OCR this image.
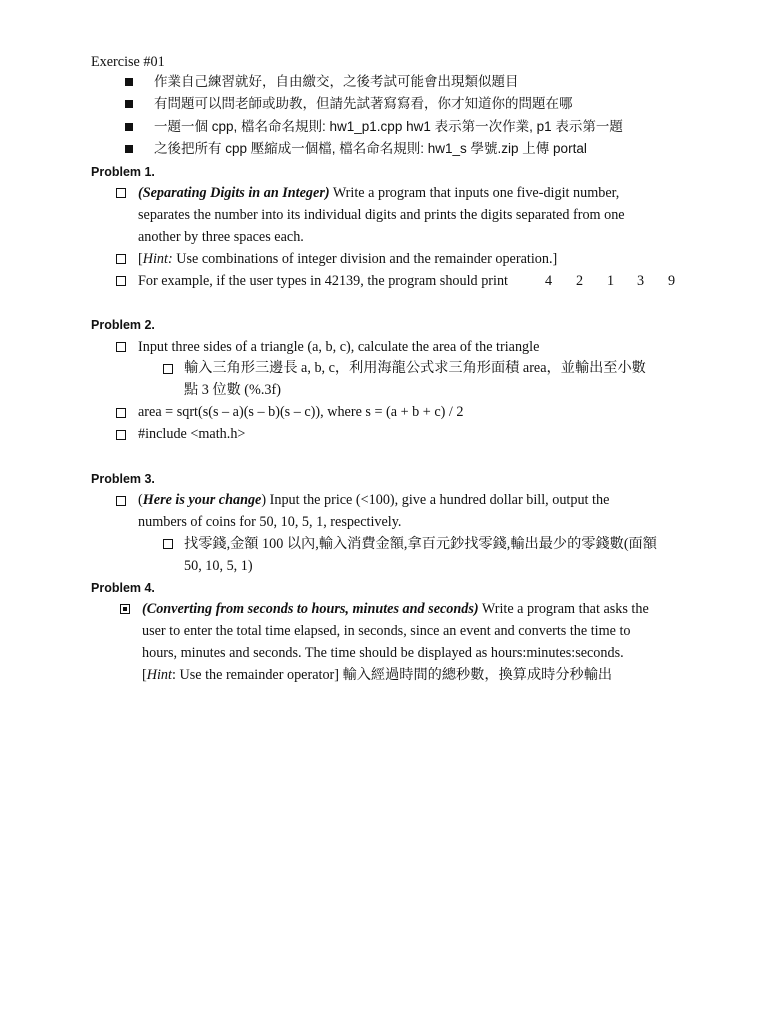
Exercise #01
作業自己練習就好，自由繳交，之後考試可能會出現類似題目
有問題可以問老師或助教，但請先試著寫寫看，你才知道你的問題在哪
一題一個 cpp, 檔名命名規則: hw1_p1.cpp hw1 表示第一次作業, p1 表示第一題
之後把所有 cpp 壓縮成一個檔, 檔名命名規則: hw1_s 學號.zip 上傳 portal
Problem 1.
(Separating Digits in an Integer) Write a program that inputs one five-digit number,
separates the number into its individual digits and prints the digits separated from one
another by three spaces each.
[Hint: Use combinations of integer division and the remainder operation.]
For example, if the user types in 42139, the program should print	4 2 1 3 9
Problem 2.
Input three sides of a triangle (a, b, c), calculate the area of the triangle
輸入三角形三邊長 a, b, c，利用海龍公式求三角形面積 area，並輸出至小數
點 3 位數 (%.3f)
area = sqrt(s(s – a)(s – b)(s – c)), where s = (a + b + c) / 2
#include <math.h>
Problem 3.
(Here is your change) Input the price (<100), give a hundred dollar bill, output the
numbers of coins for 50, 10, 5, 1, respectively.
找零錢,金額 100 以內,輸入消費金額,拿百元鈔找零錢,輸出最少的零錢數(面額
50, 10, 5, 1)
Problem 4.
(Converting from seconds to hours, minutes and seconds) Write a program that asks the
user to enter the total time elapsed, in seconds, since an event and converts the time to
hours, minutes and seconds. The time should be displayed as hours:minutes:seconds.
[Hint: Use the remainder operator] 輸入經過時間的總秒數，換算成時分秒輸出
